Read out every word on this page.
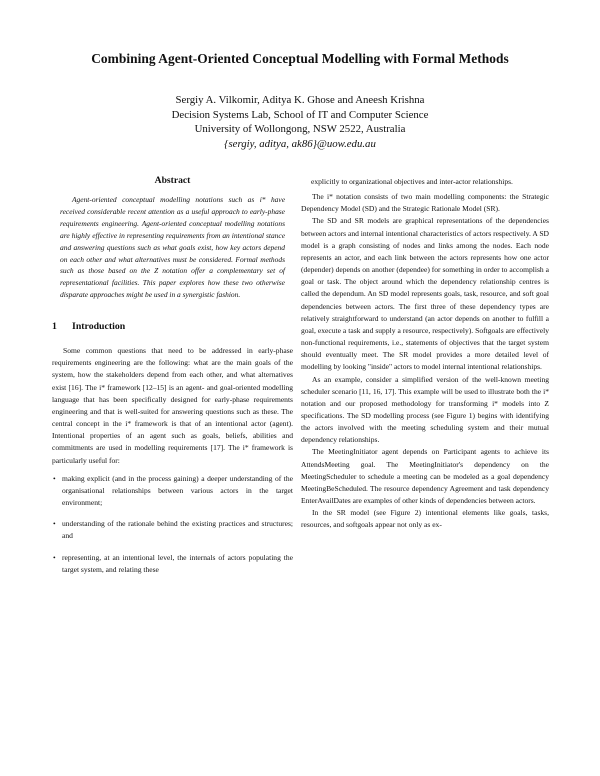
Combining Agent-Oriented Conceptual Modelling with Formal Methods
Sergiy A. Vilkomir, Aditya K. Ghose and Aneesh Krishna
Decision Systems Lab, School of IT and Computer Science
University of Wollongong, NSW 2522, Australia
{sergiy, aditya, ak86}@uow.edu.au
Abstract

Agent-oriented conceptual modelling notations such as i* have received considerable recent attention as a useful approach to early-phase requirements engineering. Agent-oriented conceptual modelling notations are highly effective in representing requirements from an intentional stance and answering questions such as what goals exist, how key actors depend on each other and what alternatives must be considered. Formal methods such as those based on the Z notation offer a complementary set of representational facilities. This paper explores how these two otherwise disparate approaches might be used in a synergistic fashion.

1 Introduction

Some common questions that need to be addressed in early-phase requirements engineering are the following: what are the main goals of the system, how the stakeholders depend from each other, and what alternatives exist [16]. The i* framework [12–15] is an agent- and goal-oriented modelling language that has been specifically designed for early-phase requirements engineering and that is well-suited for answering questions such as these. The central concept in the i* framework is that of an intentional actor (agent). Intentional properties of an agent such as goals, beliefs, abilities and commitments are used in modelling requirements [17]. The i* framework is particularly useful for:

• making explicit (and in the process gaining) a deeper understanding of the organisational relationships between various actors in the target environment;
• understanding of the rationale behind the existing practices and structures; and
• representing, at an intentional level, the internals of actors populating the target system, and relating these

explicitly to organizational objectives and inter-actor relationships.

The i* notation consists of two main modelling components: the Strategic Dependency Model (SD) and the Strategic Rationale Model (SR).

The SD and SR models are graphical representations of the dependencies between actors and internal intentional characteristics of actors respectively. A SD model is a graph consisting of nodes and links among the nodes. Each node represents an actor, and each link between the actors represents how one actor (depender) depends on another (dependee) for something in order to accomplish a goal or task. The object around which the dependency relationship centres is called the dependum. An SD model represents goals, task, resource, and soft goal dependencies between actors. The first three of these dependency types are relatively straightforward to understand (an actor depends on another to fulfill a goal, execute a task and supply a resource, respectively). Softgoals are effectively non-functional requirements, i.e., statements of objectives that the target system should eventually meet. The SR model provides a more detailed level of modelling by looking "inside" actors to model internal intentional relationships.

As an example, consider a simplified version of the well-known meeting scheduler scenario [11, 16, 17]. This example will be used to illustrate both the i* notation and our proposed methodology for transforming i* models into Z specifications. The SD modelling process (see Figure 1) begins with identifying the actors involved with the meeting scheduling system and their mutual dependency relationships.

The MeetingInitiator agent depends on Participant agents to achieve its AttendsMeeting goal. The MeetingInitiator's dependency on the MeetingScheduler to schedule a meeting can be modeled as a goal dependency MeetingBeScheduled. The resource dependency Agreement and task dependency EnterAvailDates are examples of other kinds of dependencies between actors.

In the SR model (see Figure 2) intentional elements like goals, tasks, resources, and softgoals appear not only as ex-
